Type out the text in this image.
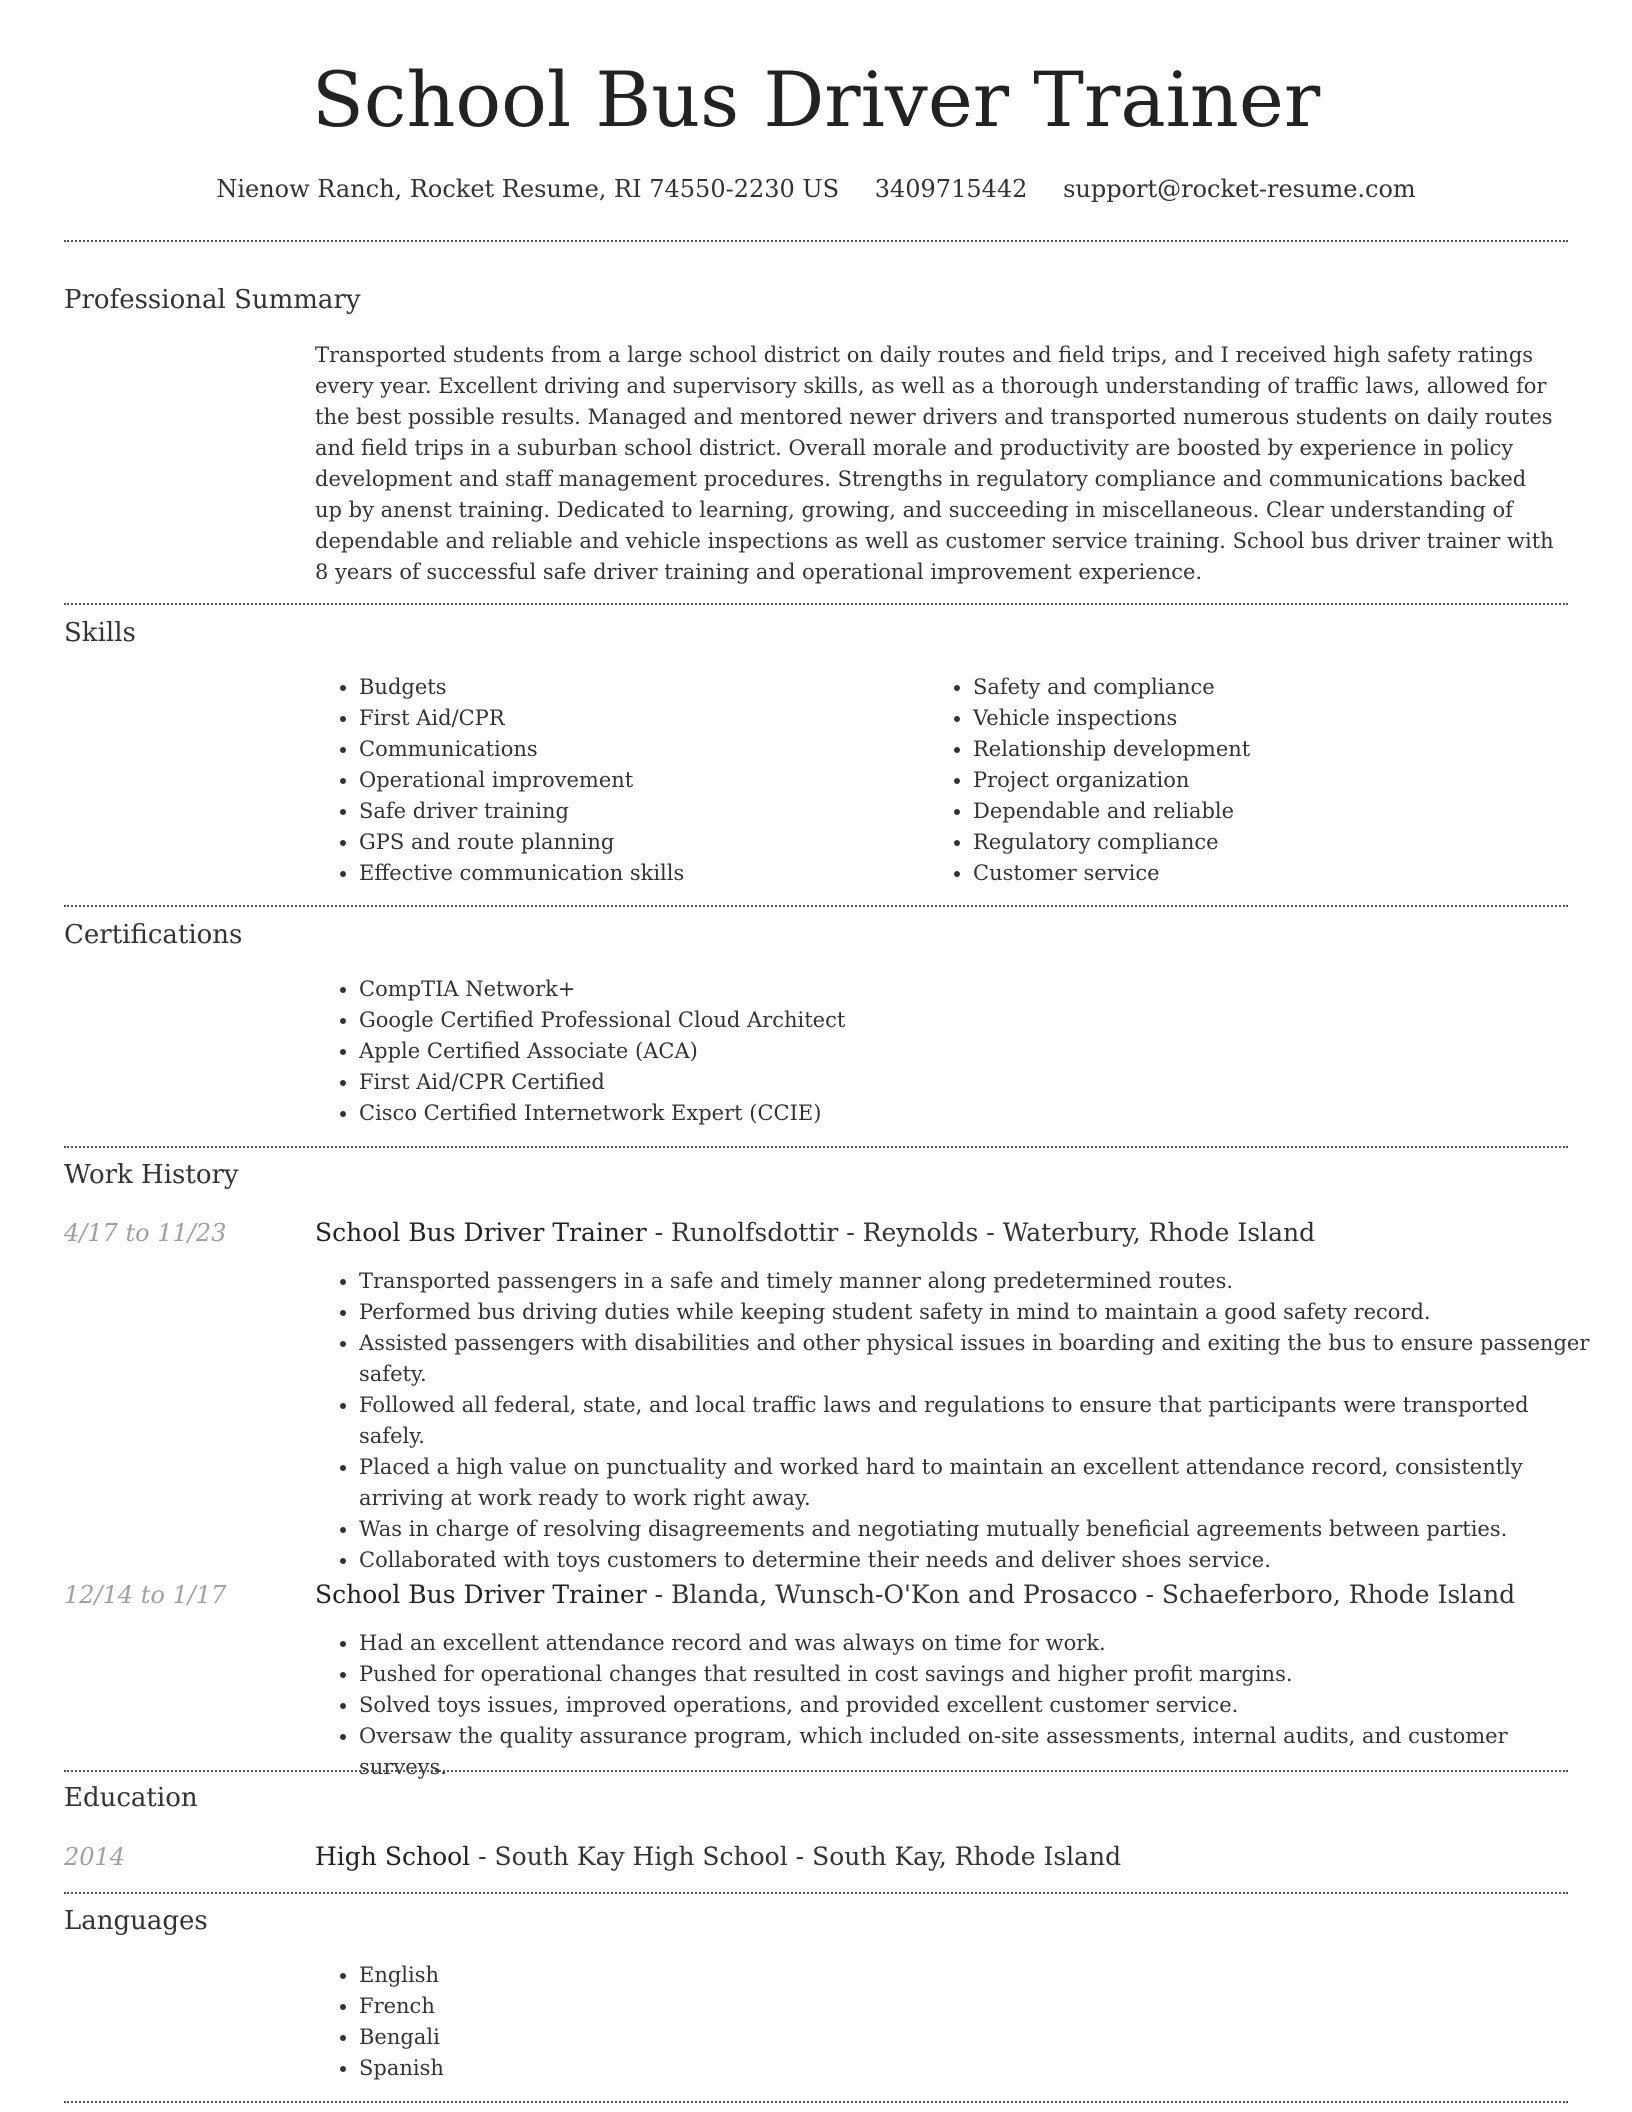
School Bus Driver Trainer
Nienow Ranch, Rocket Resume, RI 74550-2230 US 3409715442 support@rocket-resume.com
Professional Summary

Transported students from a large school district on daily routes and field trips, and I received high safety ratings every year. Excellent driving and supervisory skills, as well as a thorough understanding of traffic laws, allowed for the best possible results. Managed and mentored newer drivers and transported numerous students on daily routes and field trips in a suburban school district. Overall morale and productivity are boosted by experience in policy development and staff management procedures. Strengths in regulatory compliance and communications backed up by anenst training. Dedicated to learning, growing, and succeeding in miscellaneous. Clear understanding of dependable and reliable and vehicle inspections as well as customer service training. School bus driver trainer with 8 years of successful safe driver training and operational improvement experience.

Skills
• Budgets
• First Aid/CPR
• Communications
• Operational improvement
• Safe driver training
• GPS and route planning
• Effective communication skills
• Safety and compliance
• Vehicle inspections
• Relationship development
• Project organization
• Dependable and reliable
• Regulatory compliance
• Customer service
Certifications
• CompTIA Network+
• Google Certified Professional Cloud Architect
• Apple Certified Associate (ACA)
• First Aid/CPR Certified
• Cisco Certified Internetwork Expert (CCIE)
Work History
4/17 to 11/23	School Bus Driver Trainer - Runolfsdottir - Reynolds - Waterbury, Rhode Island
• Transported passengers in a safe and timely manner along predetermined routes.
• Performed bus driving duties while keeping student safety in mind to maintain a good safety record.
• Assisted passengers with disabilities and other physical issues in boarding and exiting the bus to ensure passenger safety.
• Followed all federal, state, and local traffic laws and regulations to ensure that participants were transported safely.
• Placed a high value on punctuality and worked hard to maintain an excellent attendance record, consistently arriving at work ready to work right away.
• Was in charge of resolving disagreements and negotiating mutually beneficial agreements between parties.
• Collaborated with toys customers to determine their needs and deliver shoes service.
12/14 to 1/17	School Bus Driver Trainer - Blanda, Wunsch-O'Kon and Prosacco - Schaeferboro, Rhode Island
• Had an excellent attendance record and was always on time for work.
• Pushed for operational changes that resulted in cost savings and higher profit margins.
• Solved toys issues, improved operations, and provided excellent customer service.
• Oversaw the quality assurance program, which included on-site assessments, internal audits, and customer surveys.
Education
2014	High School - South Kay High School - South Kay, Rhode Island
Languages
• English
• French
• Bengali
• Spanish
